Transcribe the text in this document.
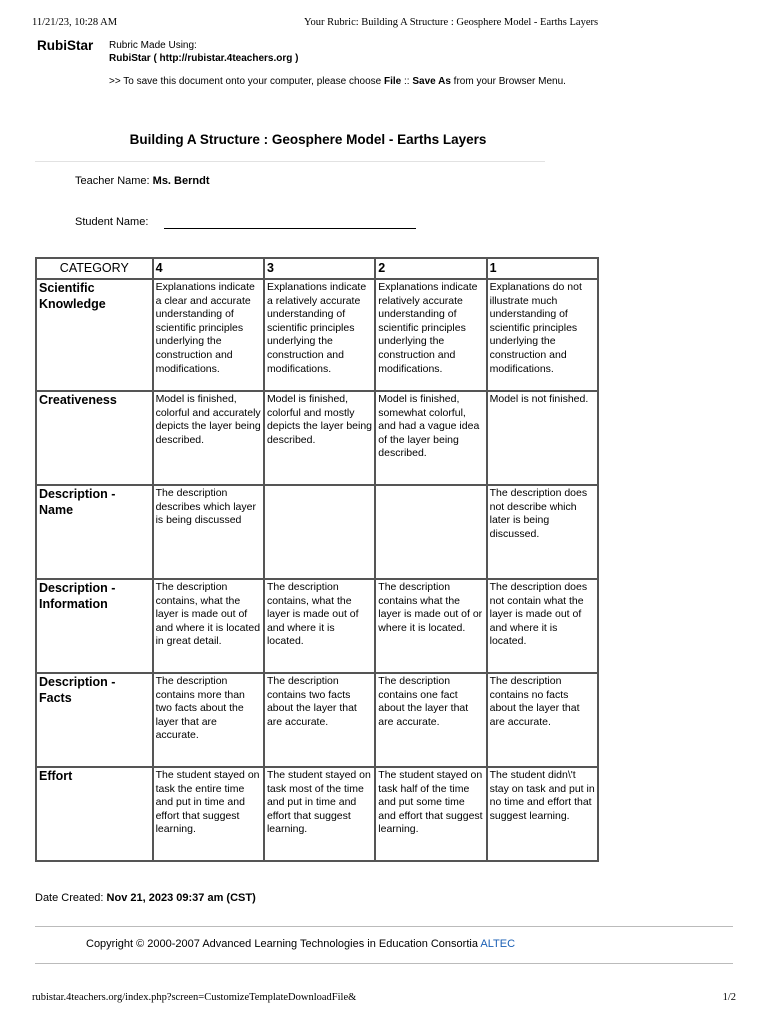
11/21/23, 10:28 AM	Your Rubric: Building A Structure : Geosphere Model - Earths Layers
RubiStar Rubric Made Using:
RubiStar ( http://rubistar.4teachers.org )
>> To save this document onto your computer, please choose File :: Save As from your Browser Menu.
Building A Structure : Geosphere Model - Earths Layers
Teacher Name: Ms. Berndt
Student Name:
CATEGORY	4	3	2	1
Scientific Knowledge	Explanations indicate a clear and accurate understanding of scientific principles underlying the construction and modifications.	Explanations indicate a relatively accurate understanding of scientific principles underlying the construction and modifications.	Explanations indicate relatively accurate understanding of scientific principles underlying the construction and modifications.	Explanations do not illustrate much understanding of scientific principles underlying the construction and modifications.
Creativeness	Model is finished, colorful and accurately depicts the layer being described.	Model is finished, colorful and mostly depicts the layer being described.	Model is finished, somewhat colorful, and had a vague idea of the layer being described.	Model is not finished.
Description - Name	The description describes which layer is being discussed			The description does not describe which later is being discussed.
Description - Information	The description contains, what the layer is made out of and where it is located in great detail.	The description contains, what the layer is made out of and where it is located.	The description contains what the layer is made out of or where it is located.	The description does not contain what the layer is made out of and where it is located.
Description - Facts	The description contains more than two facts about the layer that are accurate.	The description contains two facts about the layer that are accurate.	The description contains one fact about the layer that are accurate.	The description contains no facts about the layer that are accurate.
Effort	The student stayed on task the entire time and put in time and effort that suggest learning.	The student stayed on task most of the time and put in time and effort that suggest learning.	The student stayed on task half of the time and put some time and effort that suggest learning.	The student didn\'t stay on task and put in no time and effort that suggest learning.
Date Created: Nov 21, 2023 09:37 am (CST)
Copyright © 2000-2007 Advanced Learning Technologies in Education Consortia ALTEC
rubistar.4teachers.org/index.php?screen=CustomizeTemplateDownloadFile&	1/2
